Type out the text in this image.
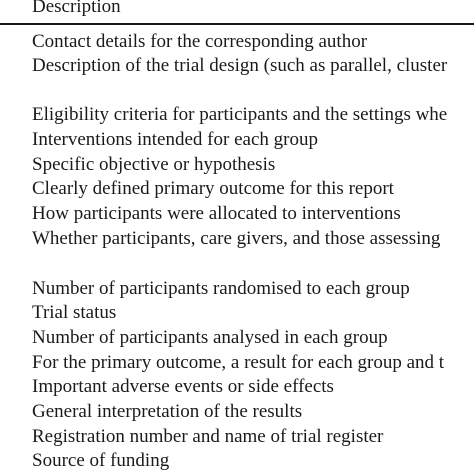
Description
Contact details for the corresponding author
Description of the trial design (such as parallel, cluster
Eligibility criteria for participants and the settings whe
Interventions intended for each group
Specific objective or hypothesis
Clearly defined primary outcome for this report
How participants were allocated to interventions
Whether participants, care givers, and those assessing
Number of participants randomised to each group
Trial status
Number of participants analysed in each group
For the primary outcome, a result for each group and t
Important adverse events or side effects
General interpretation of the results
Registration number and name of trial register
Source of funding
